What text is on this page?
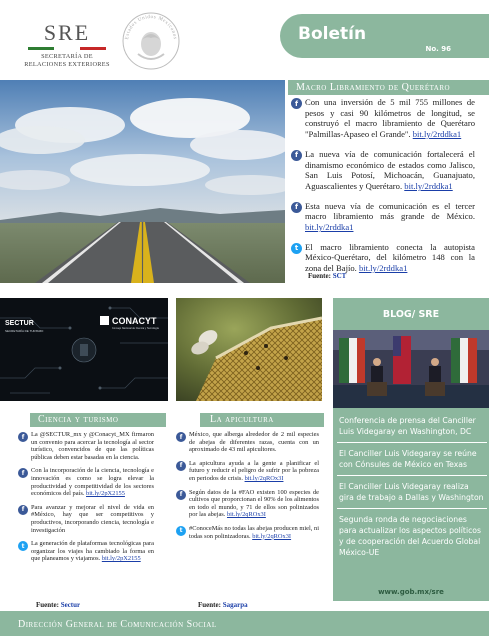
SRE
SECRETARÍA DE
RELACIONES EXTERIORES
Estados Unidos Mexicanos	Boletín
No. 96
Macro Libramiento de Querétaro
f Con una inversión de 5 mil 755 millones de pesos y casi 90 kilómetros de longitud, se construyó el macro libramiento de Querétaro "Palmillas-Apaseo el Grande". bit.ly/2rddka1
f La nueva vía de comunicación fortalecerá el dinamismo económico de estados como Jalisco, San Luis Potosí, Michoacán, Guanajuato, Aguascalientes y Querétaro. bit.ly/2rddka1
f Esta nueva vía de comunicación es el tercer macro libramiento más grande de México. bit.ly/2rddka1
t El macro libramiento conecta la autopista México-Querétaro, del kilómetro 148 con la zona del Bajío. bit.ly/2rddka1
Fuente: SCT
SECTUR
SECRETARÍA DE TURISMO
CONACYT
Consejo Nacional de Ciencia y Tecnología
BLOG/ SRE
Conferencia de prensa del Canciller Luis Videgaray en Washington, DC
El Canciller Luis Videgaray se reúne con Cónsules de México en Texas
El Canciller Luis Videgaray realiza gira de trabajo a Dallas y Washington
Segunda ronda de negociaciones para actualizar los aspectos políticos y de cooperación del Acuerdo Global México-UE
www.gob.mx/sre
Ciencia y turismo
f	La @SECTUR_mx y @Conacyt_MX firmaron un convenio para acercar la tecnología al sector turístico, convencidos de que las políticas públicas deben estar basadas en la ciencia.
f	Con la incorporación de la ciencia, tecnología e innovación es como se logra elevar la productividad y competitividad de los sectores económicos del país. bit.ly/2pX2155
f	Para avanzar y mejorar el nivel de vida en #México, hay que ser competitivos y productivos, incorporando ciencia, tecnología e investigación
t	La generación de plataformas tecnológicas para organizar los viajes ha cambiado la forma en que planeamos y viajamos. bit.ly/2pX2155
Fuente: Sectur
La apicultura
f	México, que alberga alrededor de 2 mil especies de abejas de diferentes razas, cuenta con un aproximado de 43 mil apicultores.
f	La apicultura ayuda a la gente a planificar el futuro y reducir el peligro de sufrir por la pobreza en periodos de crisis. bit.ly/2qROx3I
f	Según datos de la #FAO existen 100 especies de cultivos que proporcionan el 90% de los alimentos en todo el mundo, y 71 de ellos son polinizados por las abejas. bit.ly/2qROx3I
t	#ConoceMás no todas las abejas producen miel, ni todas son polinizadoras. bit.ly/2qROx3I
Fuente: Sagarpa
Dirección General de Comunicación Social
